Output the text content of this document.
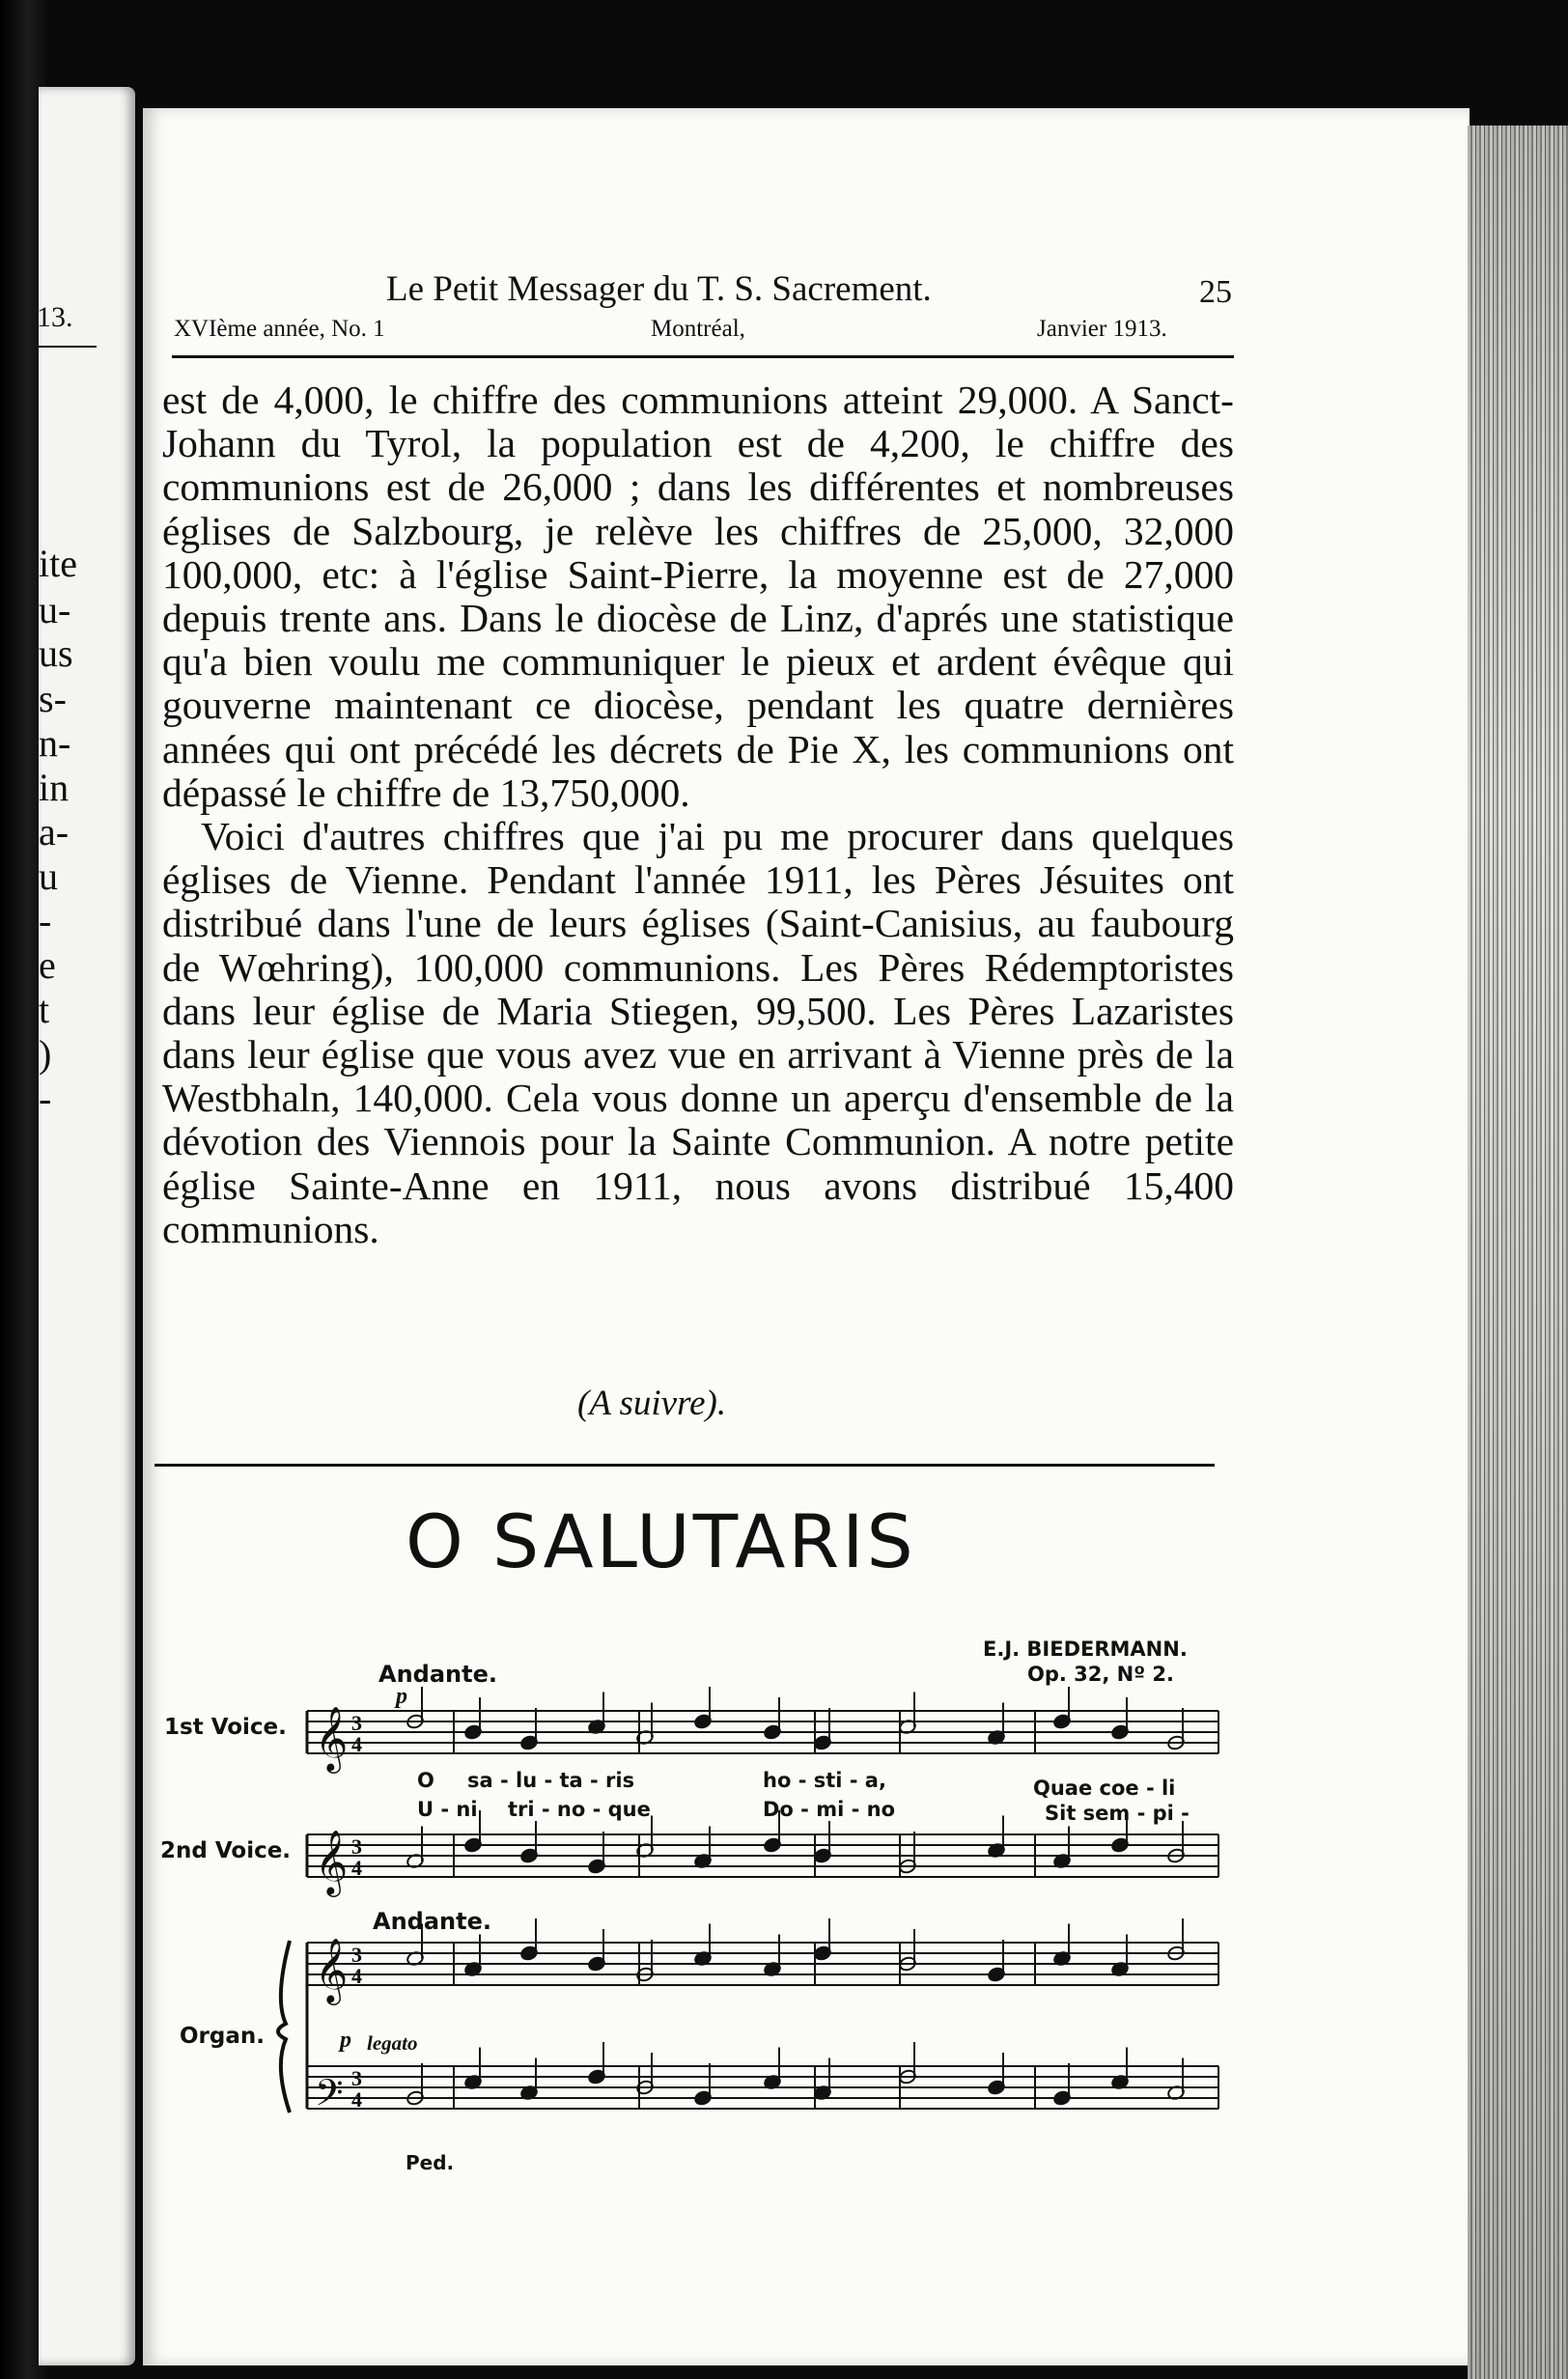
13.
ite
u-
us
s-
n-
in
a-
u
-
e
t
)
-
Le Petit Messager du T. S. Sacrement.	25
XVIème année, No. 1	Montréal,	Janvier 1913.

est de 4,000, le chiffre des communions atteint 29,000. A Sanct-Johann du Tyrol, la population est de 4,200, le chiffre des communions est de 26,000 ; dans les différentes et nombreuses églises de Salzbourg, je relève les chiffres de 25,000, 32,000 100,000, etc: à l'église Saint-Pierre, la moyenne est de 27,000 depuis trente ans. Dans le diocèse de Linz, d'aprés une statistique qu'a bien voulu me communiquer le pieux et ardent évêque qui gouverne maintenant ce diocèse, pendant les quatre dernières années qui ont précédé les décrets de Pie X, les communions ont dépassé le chiffre de 13,750,000.

Voici d'autres chiffres que j'ai pu me procurer dans quelques églises de Vienne. Pendant l'année 1911, les Pères Jésuites ont distribué dans l'une de leurs églises (Saint-Canisius, au faubourg de Wœhring), 100,000 communions. Les Pères Rédemptoristes dans leur église de Maria Stiegen, 99,500. Les Pères Lazaristes dans leur église que vous avez vue en arrivant à Vienne près de la Westbhaln, 140,000. Cela vous donne un aperçu d'ensemble de la dévotion des Viennois pour la Sainte Communion. A notre petite église Sainte-Anne en 1911, nous avons distribué 15,400 communions.

(A suivre).
O SALUTARIS
E.J. BIEDERMANN.
Op. 32, Nº 2.
Andante.
p
1st Voice.
2nd Voice.
Organ.
Andante.
p legato
Ped.
O sa - lu - ta - ris	ho - sti - a,	Quae coe - li
U - ni tri - no - que	Do - mi - no	Sit sem - pi -
𝄞 3
4
𝄞 3
4
𝄞 3
4
𝄢 3
4
